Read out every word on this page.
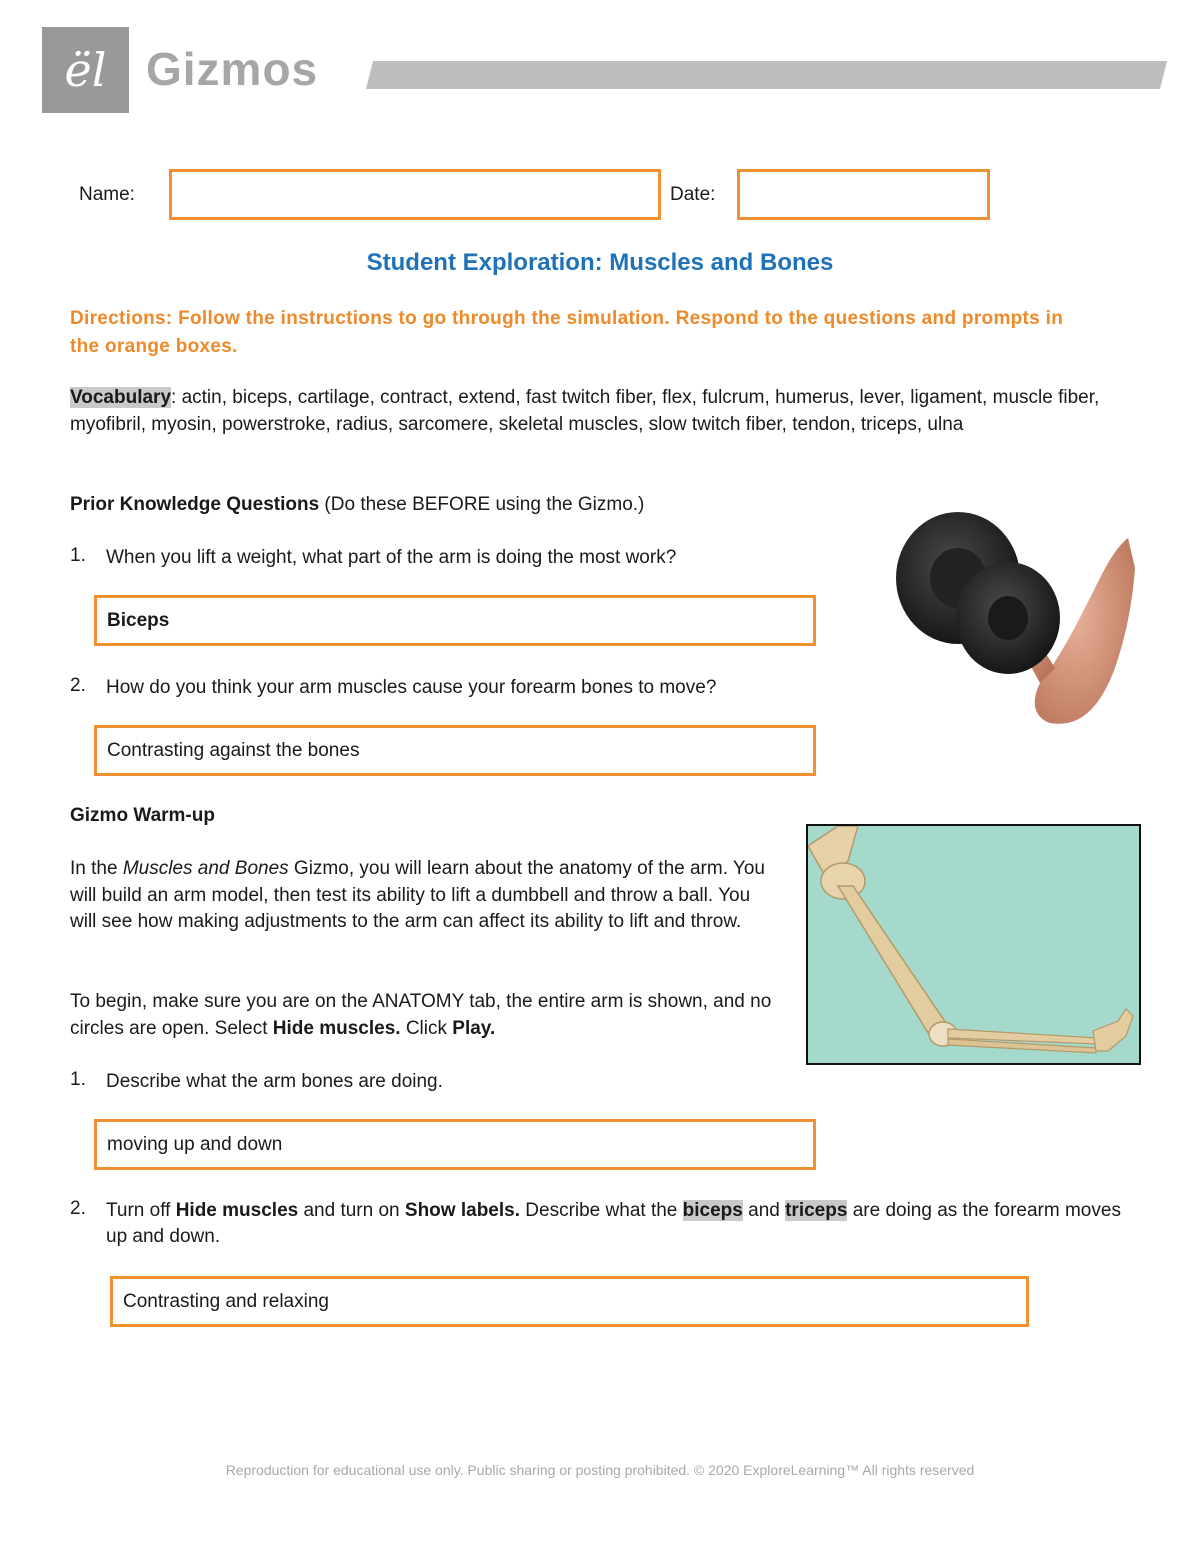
ël Gizmos
Name:	Date:
Student Exploration: Muscles and Bones
Directions: Follow the instructions to go through the simulation. Respond to the questions and prompts in the orange boxes.
Vocabulary: actin, biceps, cartilage, contract, extend, fast twitch fiber, flex, fulcrum, humerus, lever, ligament, muscle fiber, myofibril, myosin, powerstroke, radius, sarcomere, skeletal muscles, slow twitch fiber, tendon, triceps, ulna
Prior Knowledge Questions (Do these BEFORE using the Gizmo.)
1. When you lift a weight, what part of the arm is doing the most work?
Biceps
2. How do you think your arm muscles cause your forearm bones to move?
Contrasting against the bones
Gizmo Warm-up
In the Muscles and Bones Gizmo, you will learn about the anatomy of the arm. You will build an arm model, then test its ability to lift a dumbbell and throw a ball. You will see how making adjustments to the arm can affect its ability to lift and throw.
To begin, make sure you are on the ANATOMY tab, the entire arm is shown, and no circles are open. Select Hide muscles. Click Play.
1. Describe what the arm bones are doing.
moving up and down
2. Turn off Hide muscles and turn on Show labels. Describe what the biceps and triceps are doing as the forearm moves up and down.
Contrasting and relaxing
Reproduction for educational use only. Public sharing or posting prohibited. © 2020 ExploreLearning™ All rights reserved
